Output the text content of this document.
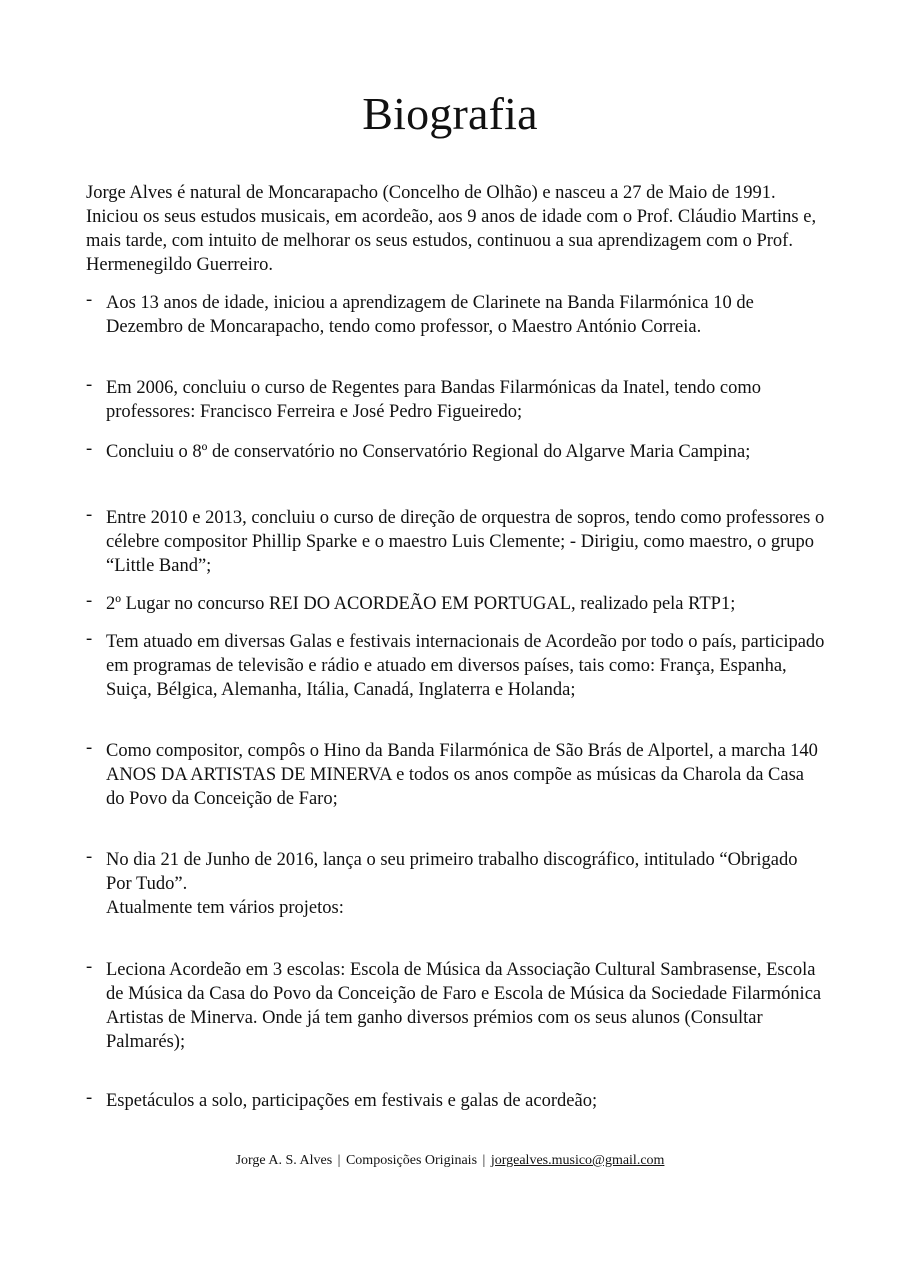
Biografia

Jorge Alves é natural de Moncarapacho (Concelho de Olhão) e nasceu a 27 de Maio de 1991. Iniciou os seus estudos musicais, em acordeão, aos 9 anos de idade com o Prof. Cláudio Martins e, mais tarde, com intuito de melhorar os seus estudos, continuou a sua aprendizagem com o Prof. Hermenegildo Guerreiro.

- Aos 13 anos de idade, iniciou a aprendizagem de Clarinete na Banda Filarmónica 10 de Dezembro de Moncarapacho, tendo como professor, o Maestro António Correia.
- Em 2006, concluiu o curso de Regentes para Bandas Filarmónicas da Inatel, tendo como professores: Francisco Ferreira e José Pedro Figueiredo;
- Concluiu o 8º de conservatório no Conservatório Regional do Algarve Maria Campina;
- Entre 2010 e 2013, concluiu o curso de direção de orquestra de sopros, tendo como professores o célebre compositor Phillip Sparke e o maestro Luis Clemente; - Dirigiu, como maestro, o grupo “Little Band”;
- 2º Lugar no concurso REI DO ACORDEÃO EM PORTUGAL, realizado pela RTP1;
- Tem atuado em diversas Galas e festivais internacionais de Acordeão por todo o país, participado em programas de televisão e rádio e atuado em diversos países, tais como: França, Espanha, Suiça, Bélgica, Alemanha, Itália, Canadá, Inglaterra e Holanda;
- Como compositor, compôs o Hino da Banda Filarmónica de São Brás de Alportel, a marcha 140 ANOS DA ARTISTAS DE MINERVA e todos os anos compõe as músicas da Charola da Casa do Povo da Conceição de Faro;
- No dia 21 de Junho de 2016, lança o seu primeiro trabalho discográfico, intitulado “Obrigado Por Tudo”.
Atualmente tem vários projetos:
- Leciona Acordeão em 3 escolas: Escola de Música da Associação Cultural Sambrasense, Escola de Música da Casa do Povo da Conceição de Faro e Escola de Música da Sociedade Filarmónica Artistas de Minerva. Onde já tem ganho diversos prémios com os seus alunos (Consultar Palmarés);
- Espetáculos a solo, participações em festivais e galas de acordeão;
Jorge A. S. Alves | Composições Originais | jorgealves.musico@gmail.com
